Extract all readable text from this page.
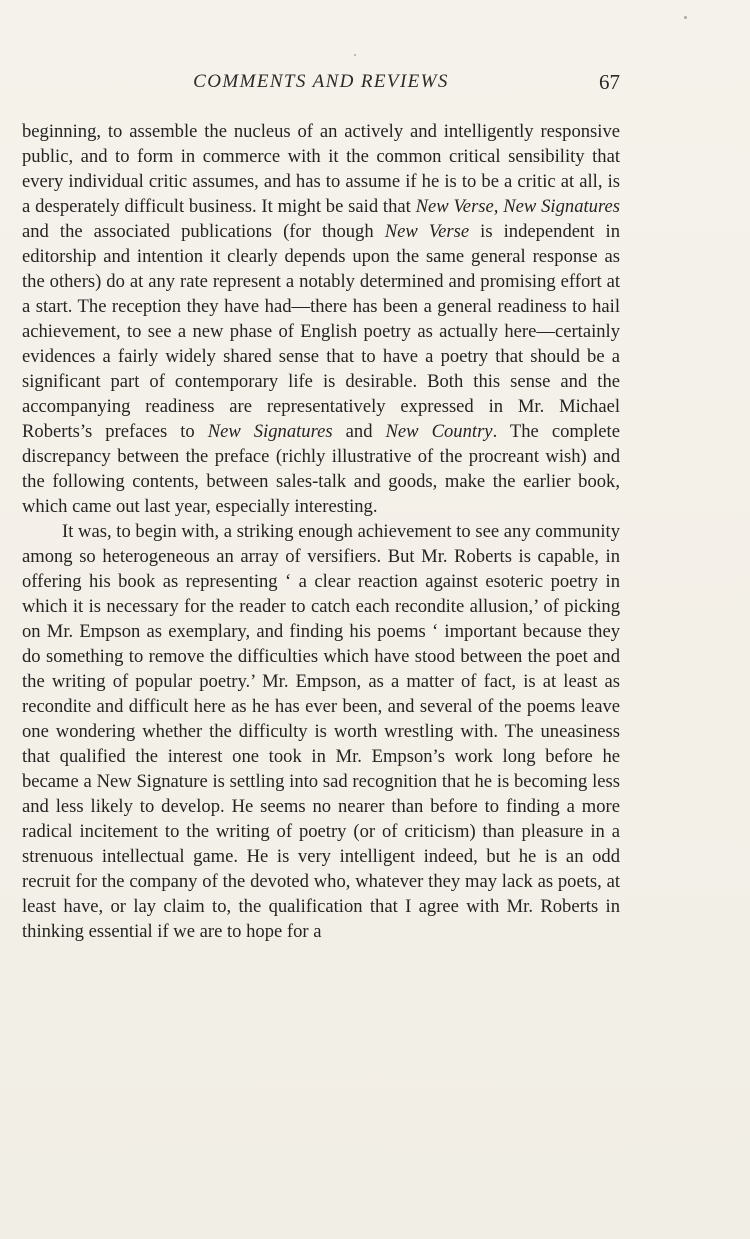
COMMENTS AND REVIEWS	67

beginning, to assemble the nucleus of an actively and intelligently responsive public, and to form in commerce with it the common critical sensibility that every individual critic assumes, and has to assume if he is to be a critic at all, is a desperately difficult business. It might be said that New Verse, New Signatures and the associated publications (for though New Verse is independent in editorship and intention it clearly depends upon the same general response as the others) do at any rate represent a notably determined and promising effort at a start. The reception they have had—there has been a general readiness to hail achievement, to see a new phase of English poetry as actually here—certainly evidences a fairly widely shared sense that to have a poetry that should be a significant part of contemporary life is desirable. Both this sense and the accompanying readiness are representatively expressed in Mr. Michael Roberts’s prefaces to New Signatures and New Country. The complete discrepancy between the preface (richly illustrative of the procreant wish) and the following contents, between sales-talk and goods, make the earlier book, which came out last year, especially interesting.

It was, to begin with, a striking enough achievement to see any community among so heterogeneous an array of versifiers. But Mr. Roberts is capable, in offering his book as representing ‘ a clear reaction against esoteric poetry in which it is necessary for the reader to catch each recondite allusion,’ of picking on Mr. Empson as exemplary, and finding his poems ‘ important because they do something to remove the difficulties which have stood between the poet and the writing of popular poetry.’ Mr. Empson, as a matter of fact, is at least as recondite and difficult here as he has ever been, and several of the poems leave one wondering whether the difficulty is worth wrestling with. The uneasiness that qualified the interest one took in Mr. Empson’s work long before he became a New Signature is settling into sad recognition that he is becoming less and less likely to develop. He seems no nearer than before to finding a more radical incitement to the writing of poetry (or of criticism) than pleasure in a strenuous intellectual game. He is very intelligent indeed, but he is an odd recruit for the company of the devoted who, whatever they may lack as poets, at least have, or lay claim to, the qualification that I agree with Mr. Roberts in thinking essential if we are to hope for a
